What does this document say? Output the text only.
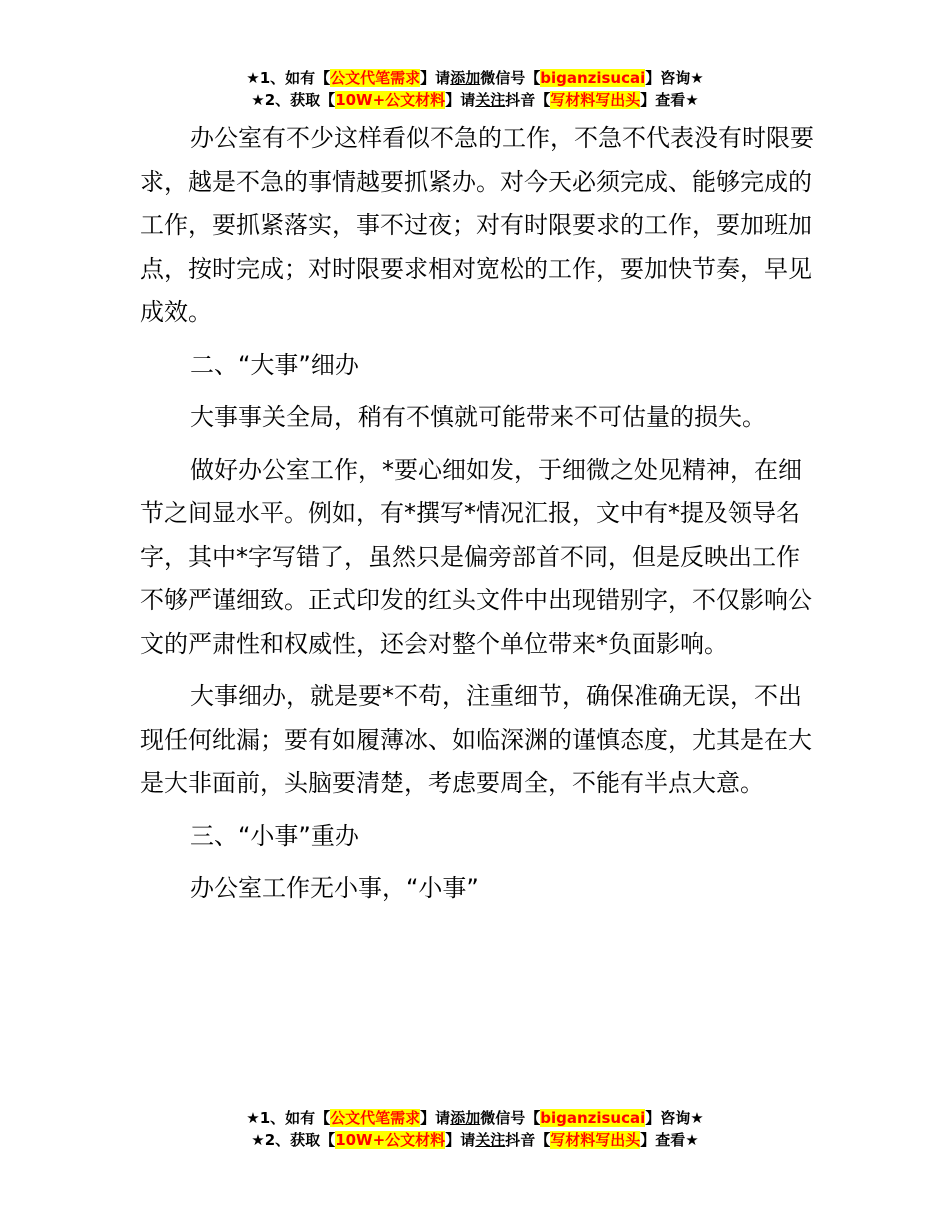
★1、如有【公文代笔需求】请添加微信号【biganzisucai】咨询★
★2、获取【10W+公文材料】请关注抖音【写材料写出头】查看★

办公室有不少这样看似不急的工作，不急不代表没有时限要求，越是不急的事情越要抓紧办。对今天必须完成、能够完成的工作，要抓紧落实，事不过夜；对有时限要求的工作，要加班加点，按时完成；对时限要求相对宽松的工作，要加快节奏，早见成效。

二、“大事”细办

大事事关全局，稍有不慎就可能带来不可估量的损失。

做好办公室工作，*要心细如发，于细微之处见精神，在细节之间显水平。例如，有*撰写*情况汇报，文中有*提及领导名字，其中*字写错了，虽然只是偏旁部首不同，但是反映出工作不够严谨细致。正式印发的红头文件中出现错别字，不仅影响公文的严肃性和权威性，还会对整个单位带来*负面影响。

大事细办，就是要*不苟，注重细节，确保准确无误，不出现任何纰漏；要有如履薄冰、如临深渊的谨慎态度，尤其是在大是大非面前，头脑要清楚，考虑要周全，不能有半点大意。

三、“小事”重办

办公室工作无小事，“小事”

★1、如有【公文代笔需求】请添加微信号【biganzisucai】咨询★
★2、获取【10W+公文材料】请关注抖音【写材料写出头】查看★
